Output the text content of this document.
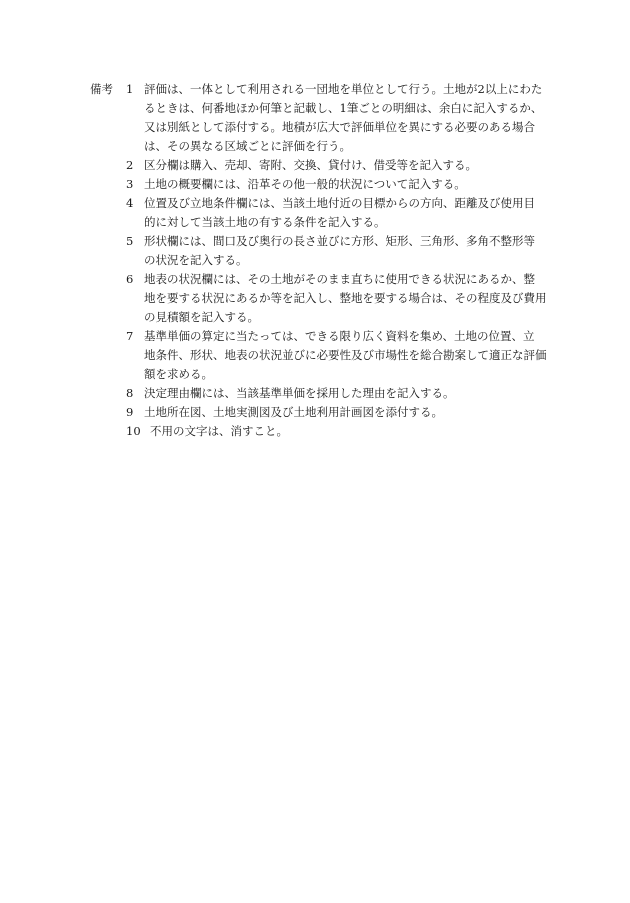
備考	1 評価は、一体として利用される一団地を単位として行う。土地が2以上にわた
るときは、何番地ほか何筆と記載し、1筆ごとの明細は、余白に記入するか、
又は別紙として添付する。地積が広大で評価単位を異にする必要のある場合
は、その異なる区域ごとに評価を行う。
2 区分欄は購入、売却、寄附、交換、貸付け、借受等を記入する。
3 土地の概要欄には、沿革その他一般的状況について記入する。
4 位置及び立地条件欄には、当該土地付近の目標からの方向、距離及び使用目
的に対して当該土地の有する条件を記入する。
5 形状欄には、間口及び奥行の長さ並びに方形、矩形、三角形、多角不整形等
の状況を記入する。
6 地表の状況欄には、その土地がそのまま直ちに使用できる状況にあるか、整
地を要する状況にあるか等を記入し、整地を要する場合は、その程度及び費用
の見積額を記入する。
7 基準単価の算定に当たっては、できる限り広く資料を集め、土地の位置、立
地条件、形状、地表の状況並びに必要性及び市場性を総合勘案して適正な評価
額を求める。
8 決定理由欄には、当該基準単価を採用した理由を記入する。
9 土地所在図、土地実測図及び土地利用計画図を添付する。
10 不用の文字は、消すこと。
